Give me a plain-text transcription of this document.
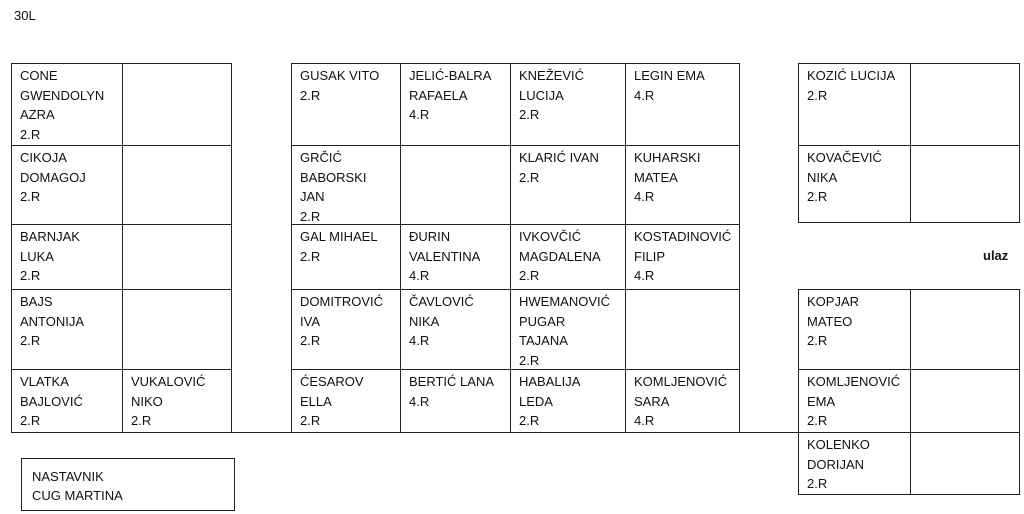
30L
CONE
GWENDOLYN
AZRA
2.R
CIKOJA
DOMAGOJ
2.R
BARNJAK
LUKA
2.R
BAJS
ANTONIJA
2.R
VLATKA
BAJLOVIĆ
2.R
VUKALOVIĆ
NIKO
2.R
GUSAK VITO
2.R
JELIĆ-BALRA
RAFAELA
4.R
KNEŽEVIĆ
LUCIJA
2.R
LEGIN EMA
4.R
GRČIĆ
BABORSKI
JAN
2.R
KLARIĆ IVAN
2.R
KUHARSKI
MATEA
4.R
GAL MIHAEL
2.R
ĐURIN
VALENTINA
4.R
IVKOVČIĆ
MAGDALENA
2.R
KOSTADINOVIĆ
FILIP
4.R
DOMITROVIĆ
IVA
2.R
ČAVLOVIĆ
NIKA
4.R
HWEMANOVIĆ
PUGAR
TAJANA
2.R
ĆESAROV
ELLA
2.R
BERTIĆ LANA
4.R
HABALIJA
LEDA
2.R
KOMLJENOVIĆ
SARA
4.R
KOZIĆ LUCIJA
2.R
KOVAČEVIĆ
NIKA
2.R
ulaz
KOPJAR
MATEO
2.R
KOMLJENOVIĆ
EMA
2.R
KOLENKO
DORIJAN
2.R
NASTAVNIK
CUG MARTINA
